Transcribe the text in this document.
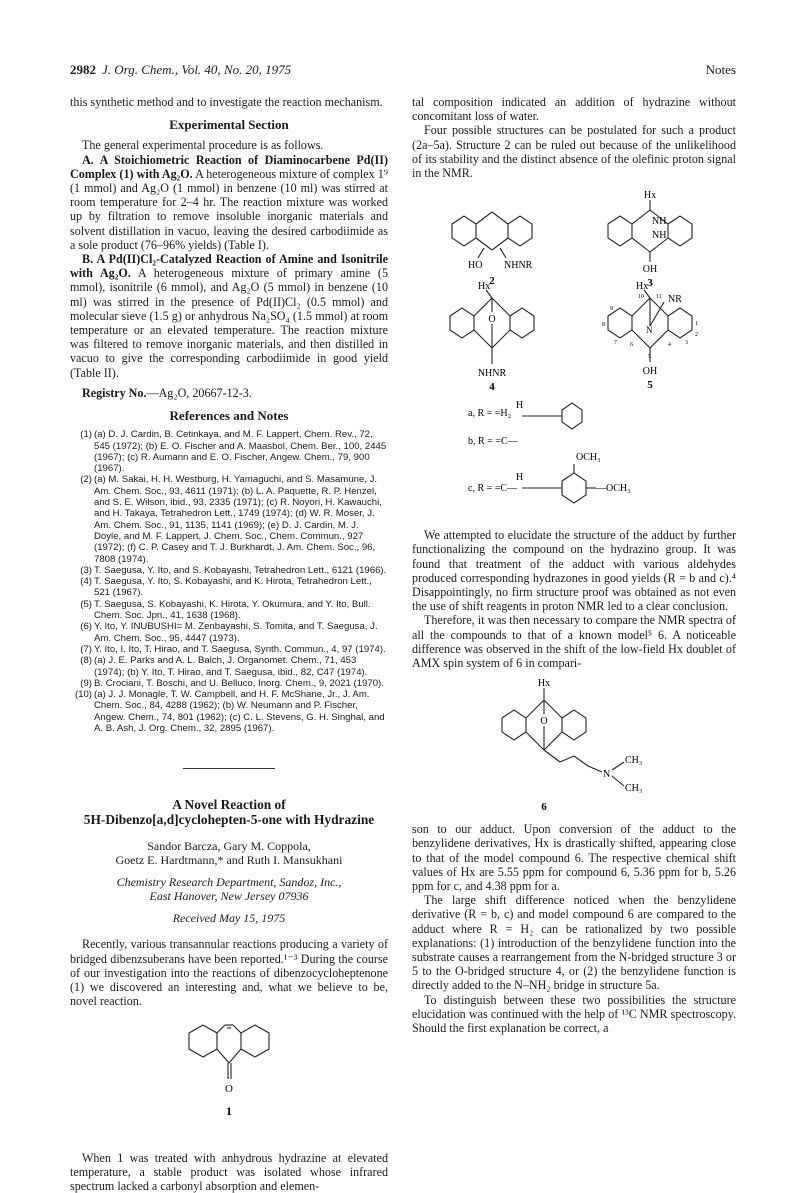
2982 J. Org. Chem., Vol. 40, No. 20, 1975	Notes

this synthetic method and to investigate the reaction mechanism.

Experimental Section

The general experimental procedure is as follows.

A. A Stoichiometric Reaction of Diaminocarbene Pd(II) Complex (1) with Ag₂O. A heterogeneous mixture of complex 1⁹ (1 mmol) and Ag₂O (1 mmol) in benzene (10 ml) was stirred at room temperature for 2–4 hr. The reaction mixture was worked up by filtration to remove insoluble inorganic materials and solvent distillation in vacuo, leaving the desired carbodiimide as a sole product (76–96% yields) (Table I).

B. A Pd(II)Cl₂-Catalyzed Reaction of Amine and Isonitrile with Ag₂O. A heterogeneous mixture of primary amine (5 mmol), isonitrile (6 mmol), and Ag₂O (5 mmol) in benzene (10 ml) was stirred in the presence of Pd(II)Cl₂ (0.5 mmol) and molecular sieve (1.5 g) or anhydrous Na₂SO₄ (1.5 mmol) at room temperature or an elevated temperature. The reaction mixture was filtered to remove inorganic materials, and then distilled in vacuo to give the corresponding carbodiimide in good yield (Table II).

Registry No.—Ag₂O, 20667-12-3.

References and Notes

(1) (a) D. J. Cardin, B. Cetinkaya, and M. F. Lappert, Chem. Rev., 72, 545 (1972); (b) E. O. Fischer and A. Maasbol, Chem. Ber., 100, 2445 (1967); (c) R. Aumann and E. O. Fischer, Angew. Chem., 79, 900 (1967).

(2) (a) M. Sakai, H. H. Westburg, H. Yamaguchi, and S. Masamune, J. Am. Chem. Soc., 93, 4611 (1971); (b) L. A. Paquette, R. P. Henzel, and S. E. Wilson, ibid., 93, 2335 (1971); (c) R. Noyori, H. Kawauchi, and H. Takaya, Tetrahedron Lett., 1749 (1974); (d) W. R. Moser, J. Am. Chem. Soc., 91, 1135, 1141 (1969); (e) D. J. Cardin, M. J. Doyle, and M. F. Lappert, J. Chem. Soc., Chem. Commun., 927 (1972); (f) C. P. Casey and T. J. Burkhardt, J. Am. Chem. Soc., 96, 7808 (1974).

(3) T. Saegusa, Y. Ito, and S. Kobayashi, Tetrahedron Lett., 6121 (1966).

(4) T. Saegusa, Y. Ito, S. Kobayashi, and K. Hirota, Tetrahedron Lett., 521 (1967).

(5) T. Saegusa, S. Kobayashi, K. Hirota, Y. Okumura, and Y. Ito, Bull. Chem. Soc. Jpn., 41, 1638 (1968).

(6) Y. Ito, Y. INUBUSHI= M. Zenbayashi, S. Tomita, and T. Saegusa, J. Am. Chem. Soc., 95, 4447 (1973).

(7) Y. Ito, I. Ito, T. Hirao, and T. Saegusa, Synth. Commun., 4, 97 (1974).

(8) (a) J. E. Parks and A. L. Balch, J. Organomet. Chem., 71, 453 (1974); (b) Y. Ito, T. Hirao, and T. Saegusa, ibid., 82, C47 (1974).

(9) B. Crociani, T. Boschi, and U. Belluco, Inorg. Chem., 9, 2021 (1970).

(10) (a) J. J. Monagle, T. W. Campbell, and H. F. McShane, Jr., J. Am. Chem. Soc., 84, 4288 (1962); (b) W. Neumann and P. Fischer, Angew. Chem., 74, 801 (1962); (c) C. L. Stevens, G. H. Singhal, and A. B. Ash, J. Org. Chem., 32, 2895 (1967).

A Novel Reaction of
5H-Dibenzo[a,d]cyclohepten-5-one with Hydrazine
Sandor Barcza, Gary M. Coppola,
Goetz E. Hardtmann,* and Ruth I. Mansukhani
Chemistry Research Department, Sandoz, Inc.,
East Hanover, New Jersey 07936
Received May 15, 1975

Recently, various transannular reactions producing a variety of bridged dibenzsuberans have been reported.¹⁻³ During the course of our investigation into the reactions of dibenzocycloheptenone (1) we discovered an interesting and, what we believe to be, novel reaction.

O
1

When 1 was treated with anhydrous hydrazine at elevated temperature, a stable product was isolated whose infrared spectrum lacked a carbonyl absorption and elemen-

tal composition indicated an addition of hydrazine without concomitant loss of water.

Four possible structures can be postulated for such a product (2a–5a). Structure 2 can be ruled out because of the unlikelihood of its stability and the distinct absence of the olefinic proton signal in the NMR.

HO NHNR
2
Hx
NH
NH
OH
3
Hx
O
NHNR
4
Hx
NR
N
OH
5
1
2
3
4
5
6
7
8
9
10 11
a, R = =H₂
H
b, R = =C—
OCH₃
H
c, R = =C—	—OCH₃

We attempted to elucidate the structure of the adduct by further functionalizing the compound on the hydrazino group. It was found that treatment of the adduct with various aldehydes produced corresponding hydrazones in good yields (R = b and c).⁴ Disappointingly, no firm structure proof was obtained as not even the use of shift reagents in proton NMR led to a clear conclusion.

Therefore, it was then necessary to compare the NMR spectra of all the compounds to that of a known model⁵ 6. A noticeable difference was observed in the shift of the low-field Hx doublet of AMX spin system of 6 in compari-

Hx
O
N
CH₃
CH₃
6

son to our adduct. Upon conversion of the adduct to the benzylidene derivatives, Hx is drastically shifted, appearing close to that of the model compound 6. The respective chemical shift values of Hx are 5.55 ppm for compound 6, 5.36 ppm for b, 5.26 ppm for c, and 4.38 ppm for a.

The large shift difference noticed when the benzylidene derivative (R = b, c) and model compound 6 are compared to the adduct where R = H₂ can be rationalized by two possible explanations: (1) introduction of the benzylidene function into the substrate causes a rearrangement from the N-bridged structure 3 or 5 to the O-bridged structure 4, or (2) the benzylidene function is directly added to the N–NH₂ bridge in structure 5a.

To distinguish between these two possibilities the structure elucidation was continued with the help of ¹³C NMR spectroscopy. Should the first explanation be correct, a
